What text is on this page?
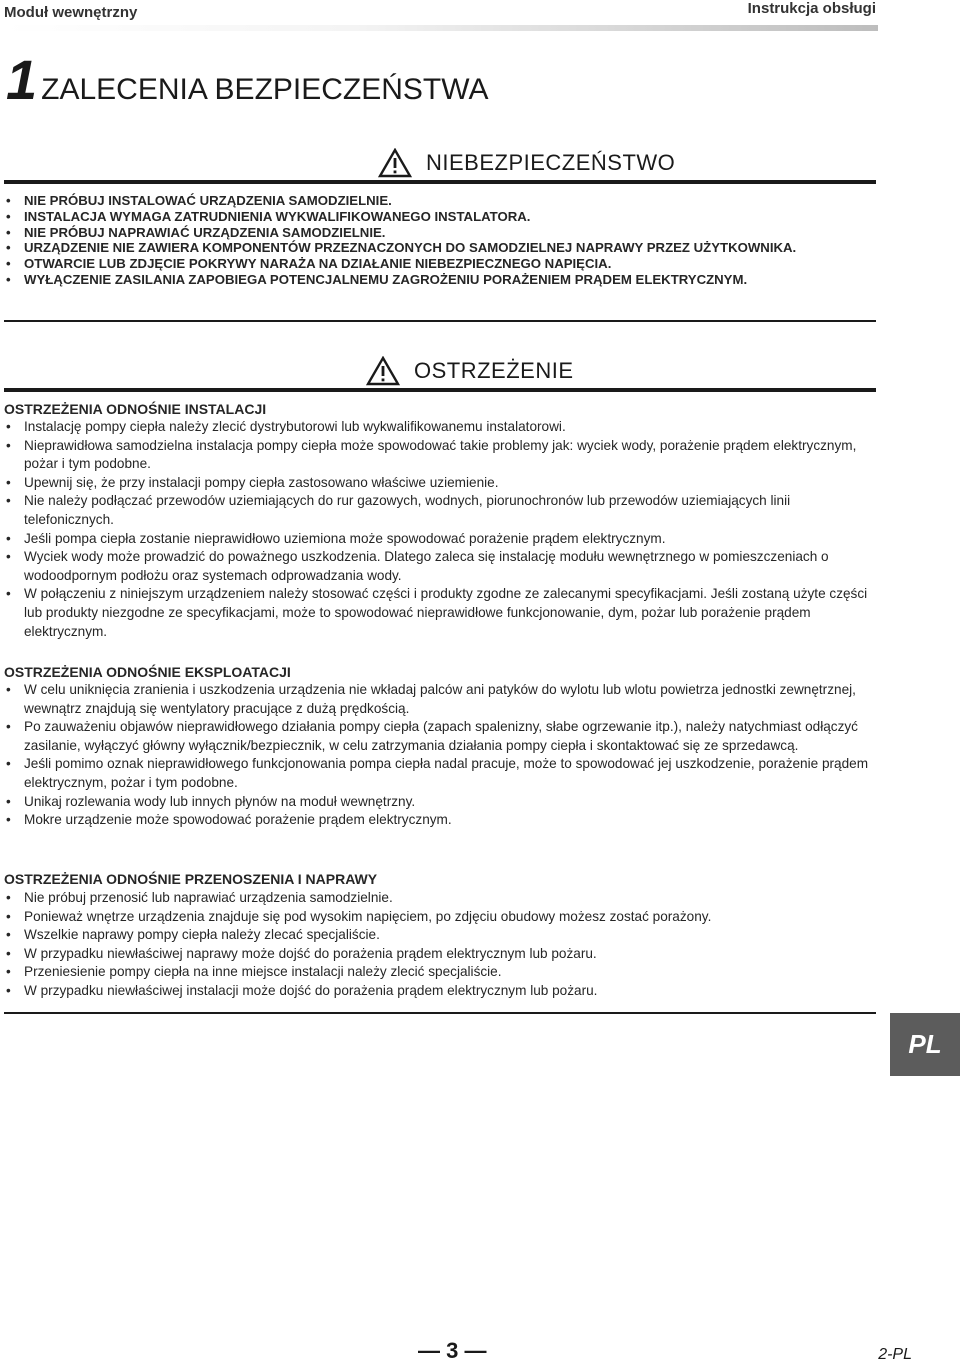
Moduł wewnętrzny	Instrukcja obsługi
1 ZALECENIA BEZPIECZEŃSTWA
NIEBEZPIECZEŃSTWO
• NIE PRÓBUJ INSTALOWAĆ URZĄDZENIA SAMODZIELNIE.
• INSTALACJA WYMAGA ZATRUDNIENIA WYKWALIFIKOWANEGO INSTALATORA.
• NIE PRÓBUJ NAPRAWIAĆ URZĄDZENIA SAMODZIELNIE.
• URZĄDZENIE NIE ZAWIERA KOMPONENTÓW PRZEZNACZONYCH DO SAMODZIELNEJ NAPRAWY PRZEZ UŻYTKOWNIKA.
• OTWARCIE LUB ZDJĘCIE POKRYWY NARAŻA NA DZIAŁANIE NIEBEZPIECZNEGO NAPIĘCIA.
• WYŁĄCZENIE ZASILANIA ZAPOBIEGA POTENCJALNEMU ZAGROŻENIU PORAŻENIEM PRĄDEM ELEKTRYCZNYM.
OSTRZEŻENIE
OSTRZEŻENIA ODNOŚNIE INSTALACJI
• Instalację pompy ciepła należy zlecić dystrybutorowi lub wykwalifikowanemu instalatorowi.
• Nieprawidłowa samodzielna instalacja pompy ciepła może spowodować takie problemy jak: wyciek wody, porażenie prądem elektrycznym, pożar i tym podobne.
• Upewnij się, że przy instalacji pompy ciepła zastosowano właściwe uziemienie.
• Nie należy podłączać przewodów uziemiających do rur gazowych, wodnych, piorunochronów lub przewodów uziemiających linii telefonicznych.
• Jeśli pompa ciepła zostanie nieprawidłowo uziemiona może spowodować porażenie prądem elektrycznym.
• Wyciek wody może prowadzić do poważnego uszkodzenia. Dlatego zaleca się instalację modułu wewnętrznego w pomieszczeniach o wodoodpornym podłożu oraz systemach odprowadzania wody.
• W połączeniu z niniejszym urządzeniem należy stosować części i produkty zgodne ze zalecanymi specyfikacjami. Jeśli zostaną użyte części lub produkty niezgodne ze specyfikacjami, może to spowodować nieprawidłowe funkcjonowanie, dym, pożar lub porażenie prądem elektrycznym.
OSTRZEŻENIA ODNOŚNIE EKSPLOATACJI
• W celu uniknięcia zranienia i uszkodzenia urządzenia nie wkładaj palców ani patyków do wylotu lub wlotu powietrza jednostki zewnętrznej, wewnątrz znajdują się wentylatory pracujące z dużą prędkością.
• Po zauważeniu objawów nieprawidłowego działania pompy ciepła (zapach spalenizny, słabe ogrzewanie itp.), należy natychmiast odłączyć zasilanie, wyłączyć główny wyłącznik/bezpiecznik, w celu zatrzymania działania pompy ciepła i skontaktować się ze sprzedawcą.
• Jeśli pomimo oznak nieprawidłowego funkcjonowania pompa ciepła nadal pracuje, może to spowodować jej uszkodzenie, porażenie prądem elektrycznym, pożar i tym podobne.
• Unikaj rozlewania wody lub innych płynów na moduł wewnętrzny.
• Mokre urządzenie może spowodować porażenie prądem elektrycznym.
OSTRZEŻENIA ODNOŚNIE PRZENOSZENIA I NAPRAWY
• Nie próbuj przenosić lub naprawiać urządzenia samodzielnie.
• Ponieważ wnętrze urządzenia znajduje się pod wysokim napięciem, po zdjęciu obudowy możesz zostać porażony.
• Wszelkie naprawy pompy ciepła należy zlecać specjaliście.
• W przypadku niewłaściwej naprawy może dojść do porażenia prądem elektrycznym lub pożaru.
• Przeniesienie pompy ciepła na inne miejsce instalacji należy zlecić specjaliście.
• W przypadku niewłaściwej instalacji może dojść do porażenia prądem elektrycznym lub pożaru.
PL
— 3 —	2-PL
